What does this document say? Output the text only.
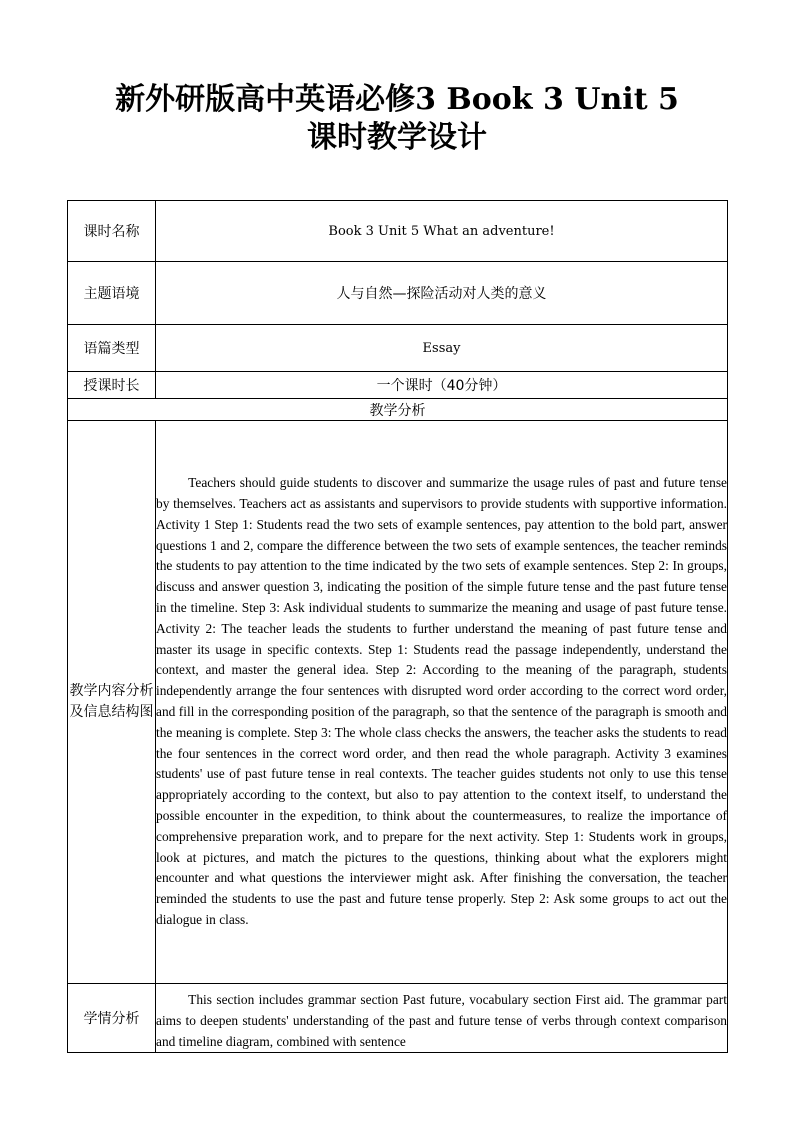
新外研版高中英语必修3 Book 3 Unit 5
课时教学设计
课时名称	Book 3 Unit 5 What an adventure!
主题语境	人与自然—探险活动对人类的意义
语篇类型	Essay
授课时长	一个课时（40分钟）
教学分析	
教学内容分析及信息结构图	Teachers should guide students to discover and summarize the usage rules of past and future tense by themselves. Teachers act as assistants and supervisors to provide students with supportive information. Activity 1 Step 1: Students read the two sets of example sentences, pay attention to the bold part, answer questions 1 and 2, compare the difference between the two sets of example sentences, the teacher reminds the students to pay attention to the time indicated by the two sets of example sentences. Step 2: In groups, discuss and answer question 3, indicating the position of the simple future tense and the past future tense in the timeline. Step 3: Ask individual students to summarize the meaning and usage of past future tense. Activity 2: The teacher leads the students to further understand the meaning of past future tense and master its usage in specific contexts. Step 1: Students read the passage independently, understand the context, and master the general idea. Step 2: According to the meaning of the paragraph, students independently arrange the four sentences with disrupted word order according to the correct word order, and fill in the corresponding position of the paragraph, so that the sentence of the paragraph is smooth and the meaning is complete. Step 3: The whole class checks the answers, the teacher asks the students to read the four sentences in the correct word order, and then read the whole paragraph. Activity 3 examines students' use of past future tense in real contexts. The teacher guides students not only to use this tense appropriately according to the context, but also to pay attention to the context itself, to understand the possible encounter in the expedition, to think about the countermeasures, to realize the importance of comprehensive preparation work, and to prepare for the next activity. Step 1: Students work in groups, look at pictures, and match the pictures to the questions, thinking about what the explorers might encounter and what questions the interviewer might ask. After finishing the conversation, the teacher reminded the students to use the past and future tense properly. Step 2: Ask some groups to act out the dialogue in class.

学情分析	This section includes grammar section Past future, vocabulary section First aid. The grammar part aims to deepen students' understanding of the past and future tense of verbs through context comparison and timeline diagram, combined with sentence
